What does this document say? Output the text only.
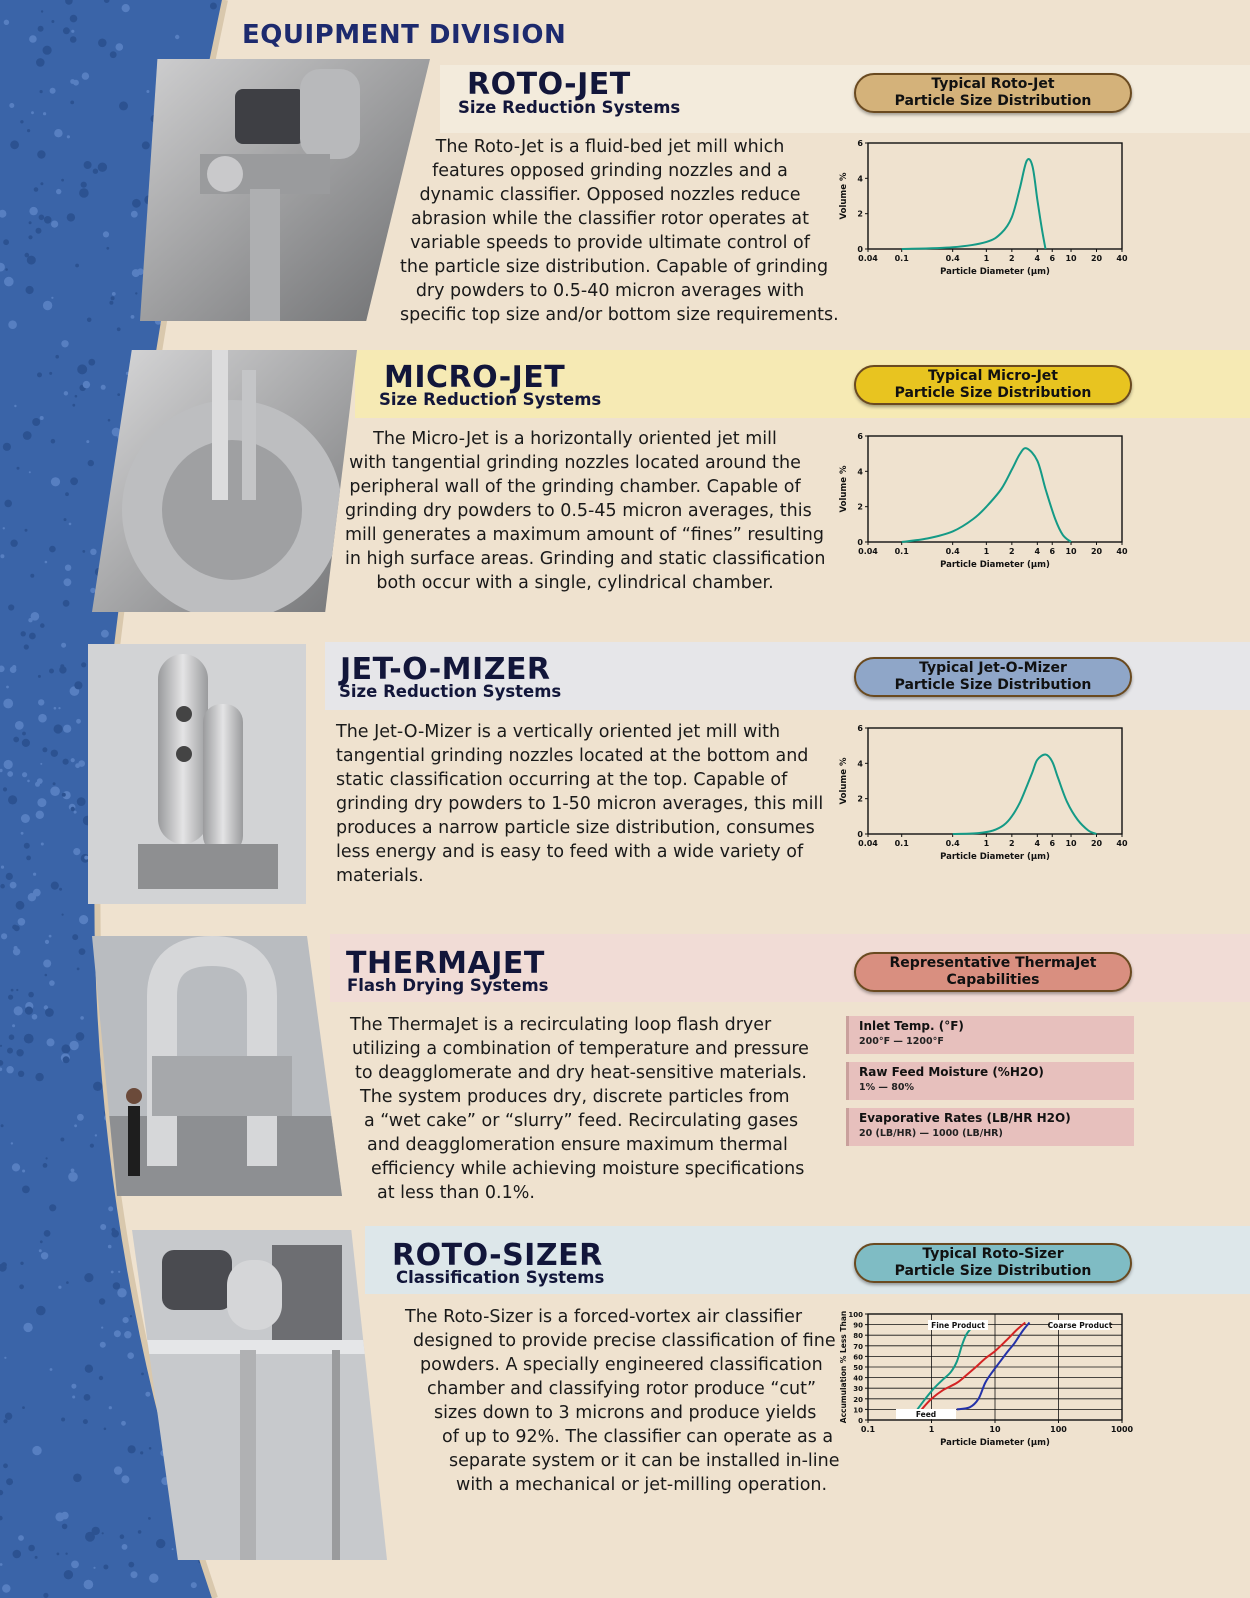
EQUIPMENT DIVISION
ROTO-JET
Size Reduction Systems
The Roto-Jet is a fluid-bed jet mill which
features opposed grinding nozzles and a
dynamic classifier. Opposed nozzles reduce
abrasion while the classifier rotor operates at
variable speeds to provide ultimate control of
the particle size distribution. Capable of grinding
dry powders to 0.5-40 micron averages with
specific top size and/or bottom size requirements.
Typical Roto-Jet
Particle Size Distribution
0
2
4
6
0.04 0.1	0.4	1 2 4 6 10 20 40
Particle Diameter (µm)
Volume %
MICRO-JET
Size Reduction Systems
The Micro-Jet is a horizontally oriented jet mill
with tangential grinding nozzles located around the
peripheral wall of the grinding chamber. Capable of
grinding dry powders to 0.5-45 micron averages, this
mill generates a maximum amount of “fines” resulting
in high surface areas. Grinding and static classification
both occur with a single, cylindrical chamber.
Typical Micro-Jet
Particle Size Distribution
0
2
4
6
0.04 0.1	0.4	1 2 4 6 10 20 40
Particle Diameter (µm)
Volume %
JET-O-MIZER
Size Reduction Systems
The Jet-O-Mizer is a vertically oriented jet mill with
tangential grinding nozzles located at the bottom and
static classification occurring at the top. Capable of
grinding dry powders to 1-50 micron averages, this mill
produces a narrow particle size distribution, consumes
less energy and is easy to feed with a wide variety of
materials.
Typical Jet-O-Mizer
Particle Size Distribution
0
2
4
6
0.04 0.1	0.4	1 2 4 6 10 20 40
Particle Diameter (µm)
Volume %
THERMAJET
Flash Drying Systems
The ThermaJet is a recirculating loop flash dryer
utilizing a combination of temperature and pressure
to deagglomerate and dry heat-sensitive materials.
The system produces dry, discrete particles from
a “wet cake” or “slurry” feed. Recirculating gases
and deagglomeration ensure maximum thermal
efficiency while achieving moisture specifications
at less than 0.1%.
Representative ThermaJet
Capabilities
Inlet Temp. (°F)
200°F — 1200°F
Raw Feed Moisture (%H2O)
1% — 80%
Evaporative Rates (LB/HR H2O)
20 (LB/HR) — 1000 (LB/HR)
ROTO-SIZER
Classification Systems
The Roto-Sizer is a forced-vortex air classifier
designed to provide precise classification of fine
powders. A specially engineered classification
chamber and classifying rotor produce “cut”
sizes down to 3 microns and produce yields
of up to 92%. The classifier can operate as a
separate system or it can be installed in-line
with a mechanical or jet-milling operation.
Typical Roto-Sizer
Particle Size Distribution
0
10
20
30
40
50
60
70
80
90
100
0.1	1	10	100	1000
Particle Diameter (µm)
Accumulation % Less Than	Fine Product	Coarse Product
Feed
